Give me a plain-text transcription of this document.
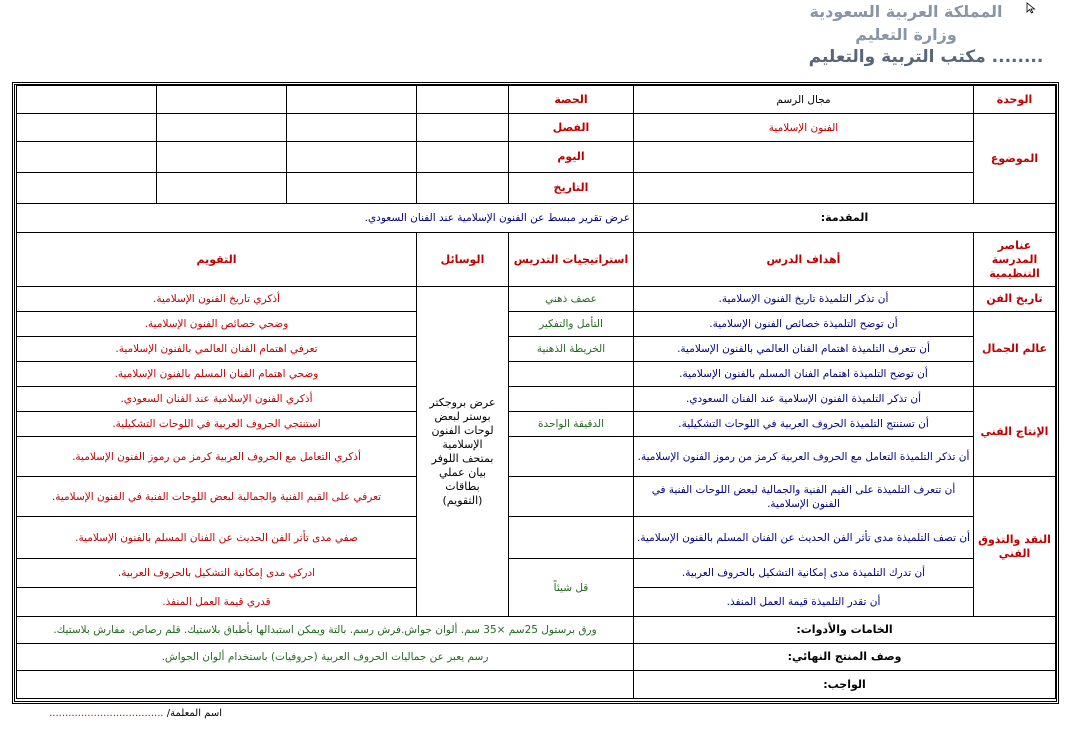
المملكة العربية السعودية
وزارة التعليم
مكتب التربية والتعليم ........
الوحدة	مجال الرسم	الحصة				
الموضوع	الفنون الإسلامية	الفصل				
		اليوم				
		التاريخ				
المقدمة:		عرض تقرير مبسط عن الفنون الإسلامية عند الفنان السعودي.				
عناصر المدرسة التنظيمية	أهداف الدرس	استراتيجيات التدريس	الوسائل	التقويم		
تاريخ الفن	أن تذكر التلميذة تاريخ الفنون الإسلامية.	عصف ذهني	عرض بروجكتر بوستر لبعض لوحات الفنون الإسلامية بمتحف اللوفر بيان عملي بطاقات (التقويم)	أذكري تاريخ الفنون الإسلامية.		
عالم الجمال	أن توضح التلميذة خصائص الفنون الإسلامية.	التأمل والتفكير		وضحي خصائص الفنون الإسلامية.		
	أن تتعرف التلميذة اهتمام الفنان العالمي بالفنون الإسلامية.	الخريطة الذهنية		تعرفي اهتمام الفنان العالمي بالفنون الإسلامية.		
	أن توضح التلميذة اهتمام الفنان المسلم بالفنون الإسلامية.			وضحي اهتمام الفنان المسلم بالفنون الإسلامية.		
الإنتاج الفني	أن تذكر التلميذة الفنون الإسلامية عند الفنان السعودي.			أذكري الفنون الإسلامية عند الفنان السعودي.		
	أن تستنتج التلميذة الحروف العربية في اللوحات التشكيلية.	الدقيقة الواحدة		استنتجي الحروف العربية في اللوحات التشكيلية.		
	أن تذكر التلميذة التعامل مع الحروف العربية كرمز من رموز الفنون الإسلامية.			أذكري التعامل مع الحروف العربية كرمز من رموز الفنون الإسلامية.		
النقد والتذوق الفني	أن تتعرف التلميذة على القيم الفنية والجمالية لبعض اللوحات الفنية في الفنون الإسلامية.			تعرفي على القيم الفنية والجمالية لبعض اللوحات الفنية في الفنون الإسلامية.		
	أن تصف التلميذة مدى تأثر الفن الحديث عن الفنان المسلم بالفنون الإسلامية.			صفي مدى تأثر الفن الحديث عن الفنان المسلم بالفنون الإسلامية.		
	أن تدرك التلميذة مدى إمكانية التشكيل بالحروف العربية.	قل شيئاً		ادركي مدى إمكانية التشكيل بالحروف العربية.		
	أن تقدر التلميذة قيمة العمل المنفذ.			قدري قيمة العمل المنفذ.		
الخامات والأدوات:		ورق برستول 25سم ×35 سم. ألوان جواش.فرش رسم. بالتة ويمكن استبدالها بأطباق بلاستيك. قلم رصاص. مفارش بلاستيك.				
وصف المنتج النهائي:		رسم يعبر عن جماليات الحروف العربية (حروفيات) باستخدام ألوان الجواش.				
الواجب:						
اسم المعلمة/ ....................................
